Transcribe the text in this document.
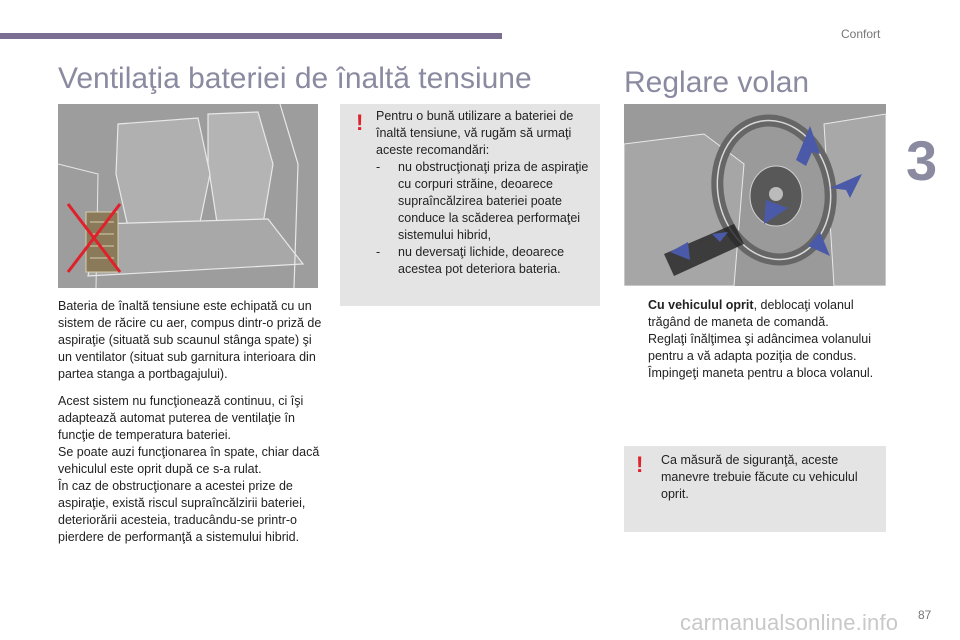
Confort
3
Ventilaţia bateriei de înaltă tensiune
Bateria de înaltă tensiune este echipată cu un sistem de răcire cu aer, compus dintr-o priză de aspiraţie (situată sub scaunul stânga spate) şi un ventilator (situat sub garnitura interioara din partea stanga a portbagajului).
Acest sistem nu funcţionează continuu, ci îşi adaptează automat puterea de ventilaţie în funcţie de temperatura bateriei.
Se poate auzi funcţionarea în spate, chiar dacă vehiculul este oprit după ce s-a rulat.
În caz de obstrucţionare a acestei prize de aspiraţie, există riscul supraîncălzirii bateriei, deteriorării acesteia, traducându-se printr-o pierdere de performanţă a sistemului hibrid.
! Pentru o bună utilizare a bateriei de înaltă tensiune, vă rugăm să urmaţi aceste recomandări:
- nu obstrucţionaţi priza de aspiraţie cu corpuri străine, deoarece supraîncălzirea bateriei poate conduce la scăderea performaţei sistemului hibrid,
- nu deversaţi lichide, deoarece acestea pot deteriora bateria.
Reglare volan
Cu vehiculul oprit, deblocaţi volanul trăgând de maneta de comandă.
Reglaţi înălţimea şi adâncimea volanului pentru a vă adapta poziţia de condus.
Împingeţi maneta pentru a bloca volanul.
! Ca măsură de siguranţă, aceste manevre trebuie făcute cu vehiculul oprit.
carmanualsonline.info 87
